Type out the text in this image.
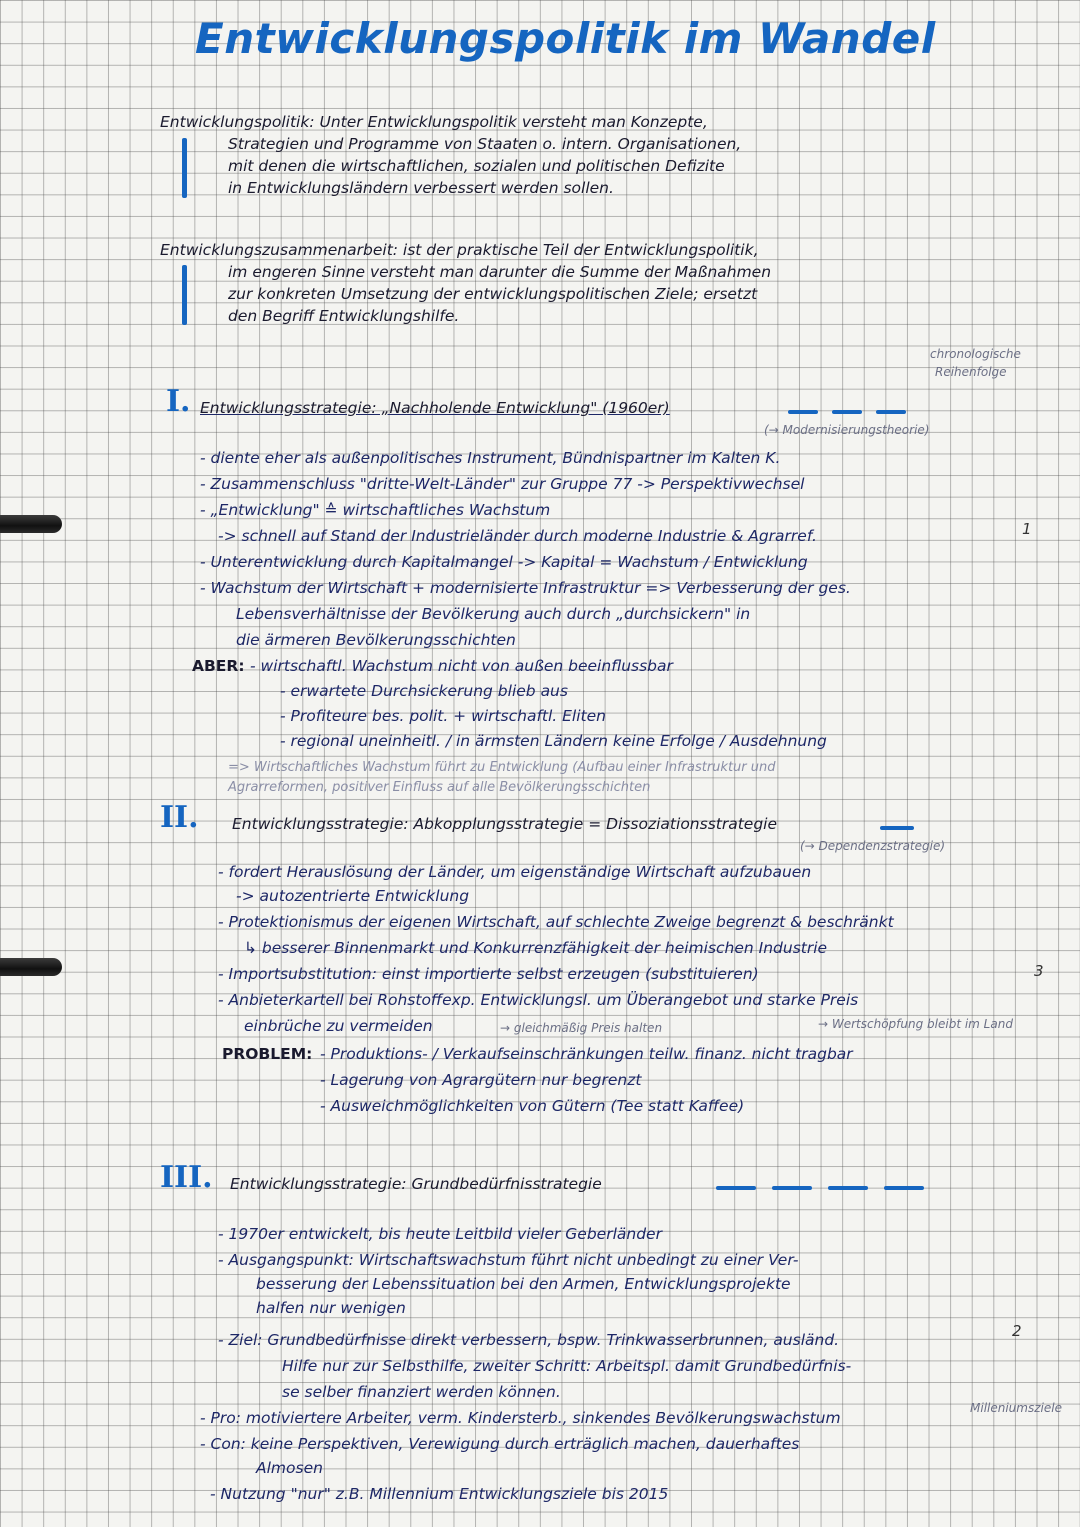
Entwicklungspolitik im Wandel
Entwicklungspolitik: Unter Entwicklungspolitik versteht man Konzepte,
Strategien und Programme von Staaten o. intern. Organisationen,
mit denen die wirtschaftlichen, sozialen und politischen Defizite
in Entwicklungsländern verbessert werden sollen.
Entwicklungszusammenarbeit: ist der praktische Teil der Entwicklungspolitik,
im engeren Sinne versteht man darunter die Summe der Maßnahmen
zur konkreten Umsetzung der entwicklungspolitischen Ziele; ersetzt
den Begriff Entwicklungshilfe.
chronologische
Reihenfolge
I. Entwicklungsstrategie: „Nachholende Entwicklung" (1960er)
(→ Modernisierungstheorie)
- diente eher als außenpolitisches Instrument, Bündnispartner im Kalten K.
- Zusammenschluss "dritte-Welt-Länder" zur Gruppe 77 -> Perspektivwechsel
- „Entwicklung" ≙ wirtschaftliches Wachstum
-> schnell auf Stand der Industrieländer durch moderne Industrie & Agrarref.
- Unterentwicklung durch Kapitalmangel -> Kapital = Wachstum / Entwicklung
- Wachstum der Wirtschaft + modernisierte Infrastruktur => Verbesserung der ges.
Lebensverhältnisse der Bevölkerung auch durch „durchsickern" in
die ärmeren Bevölkerungsschichten
ABER: - wirtschaftl. Wachstum nicht von außen beeinflussbar
- erwartete Durchsickerung blieb aus
- Profiteure bes. polit. + wirtschaftl. Eliten
- regional uneinheitl. / in ärmsten Ländern keine Erfolge / Ausdehnung
=> Wirtschaftliches Wachstum führt zu Entwicklung (Aufbau einer Infrastruktur und
Agrarreformen, positiver Einfluss auf alle Bevölkerungsschichten
1
II. Entwicklungsstrategie: Abkopplungsstrategie = Dissoziationsstrategie
(→ Dependenzstrategie)
- fordert Herauslösung der Länder, um eigenständige Wirtschaft aufzubauen
-> autozentrierte Entwicklung
- Protektionismus der eigenen Wirtschaft, auf schlechte Zweige begrenzt & beschränkt
↳ besserer Binnenmarkt und Konkurrenzfähigkeit der heimischen Industrie
- Importsubstitution: einst importierte selbst erzeugen (substituieren)
- Anbieterkartell bei Rohstoffexp. Entwicklungsl. um Überangebot und starke Preis
einbrüche zu vermeiden	→ gleichmäßig Preis halten	→ Wertschöpfung bleibt im Land
3
PROBLEM: - Produktions- / Verkaufseinschränkungen teilw. finanz. nicht tragbar
- Lagerung von Agrargütern nur begrenzt
- Ausweichmöglichkeiten von Gütern (Tee statt Kaffee)
III. Entwicklungsstrategie: Grundbedürfnisstrategie
- 1970er entwickelt, bis heute Leitbild vieler Geberländer
- Ausgangspunkt: Wirtschaftswachstum führt nicht unbedingt zu einer Ver-
besserung der Lebenssituation bei den Armen, Entwicklungsprojekte
halfen nur wenigen
- Ziel: Grundbedürfnisse direkt verbessern, bspw. Trinkwasserbrunnen, ausländ.
Hilfe nur zur Selbsthilfe, zweiter Schritt: Arbeitspl. damit Grundbedürfnis-
se selber finanziert werden können.
- Pro: motiviertere Arbeiter, verm. Kindersterb., sinkendes Bevölkerungswachstum
- Con: keine Perspektiven, Verewigung durch erträglich machen, dauerhaftes
Almosen
- Nutzung "nur" z.B. Millennium Entwicklungsziele bis 2015
Milleniumsziele
2
